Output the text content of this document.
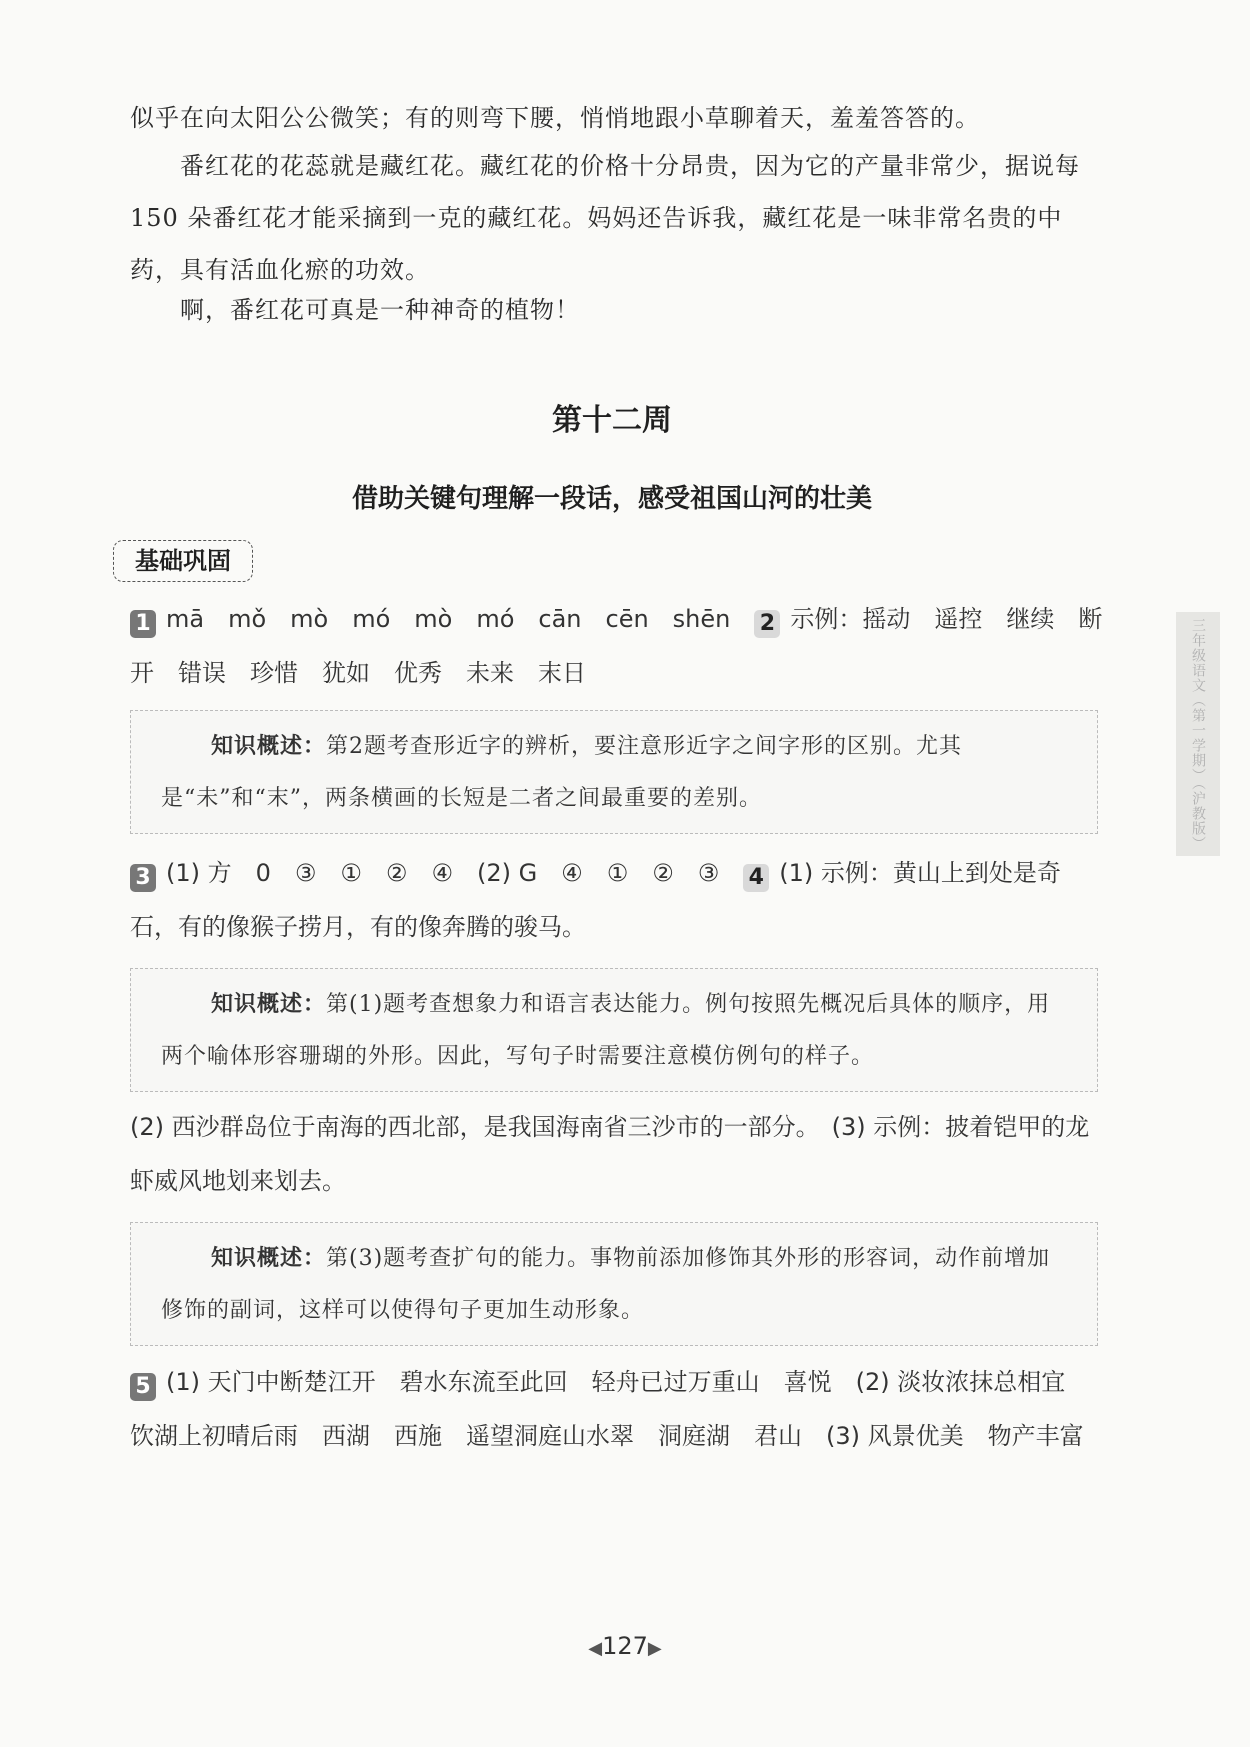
似乎在向太阳公公微笑；有的则弯下腰，悄悄地跟小草聊着天，羞羞答答的。

番红花的花蕊就是藏红花。藏红花的价格十分昂贵，因为它的产量非常少，据说每150 朵番红花才能采摘到一克的藏红花。妈妈还告诉我，藏红花是一味非常名贵的中药，具有活血化瘀的功效。

啊，番红花可真是一种神奇的植物！

第十二周
借助关键句理解一段话，感受祖国山河的壮美
基础巩固

1 mā　mǒ　mò　mó　mò　mó　cān　cēn　shēn 2 示例：摇动　遥控　继续　断开　错误　珍惜　犹如　优秀　未来　末日

知识概述：第2题考查形近字的辨析，要注意形近字之间字形的区别。尤其是“未”和“末”，两条横画的长短是二者之间最重要的差别。

3 (1) 方　0　③　①　②　④　(2) G　④　①　②　③ 4 (1) 示例：黄山上到处是奇石，有的像猴子捞月，有的像奔腾的骏马。

知识概述：第(1)题考查想象力和语言表达能力。例句按照先概况后具体的顺序，用两个喻体形容珊瑚的外形。因此，写句子时需要注意模仿例句的样子。

(2) 西沙群岛位于南海的西北部，是我国海南省三沙市的一部分。　(3) 示例：披着铠甲的龙虾威风地划来划去。

知识概述：第(3)题考查扩句的能力。事物前添加修饰其外形的形容词，动作前增加修饰的副词，这样可以使得句子更加生动形象。

5 (1) 天门中断楚江开　碧水东流至此回　轻舟已过万重山　喜悦　(2) 淡妆浓抹总相宜　饮湖上初晴后雨　西湖　西施　遥望洞庭山水翠　洞庭湖　君山　(3) 风景优美　物产丰富

三年级语文（第一学期）（沪教版）
◀127▶
